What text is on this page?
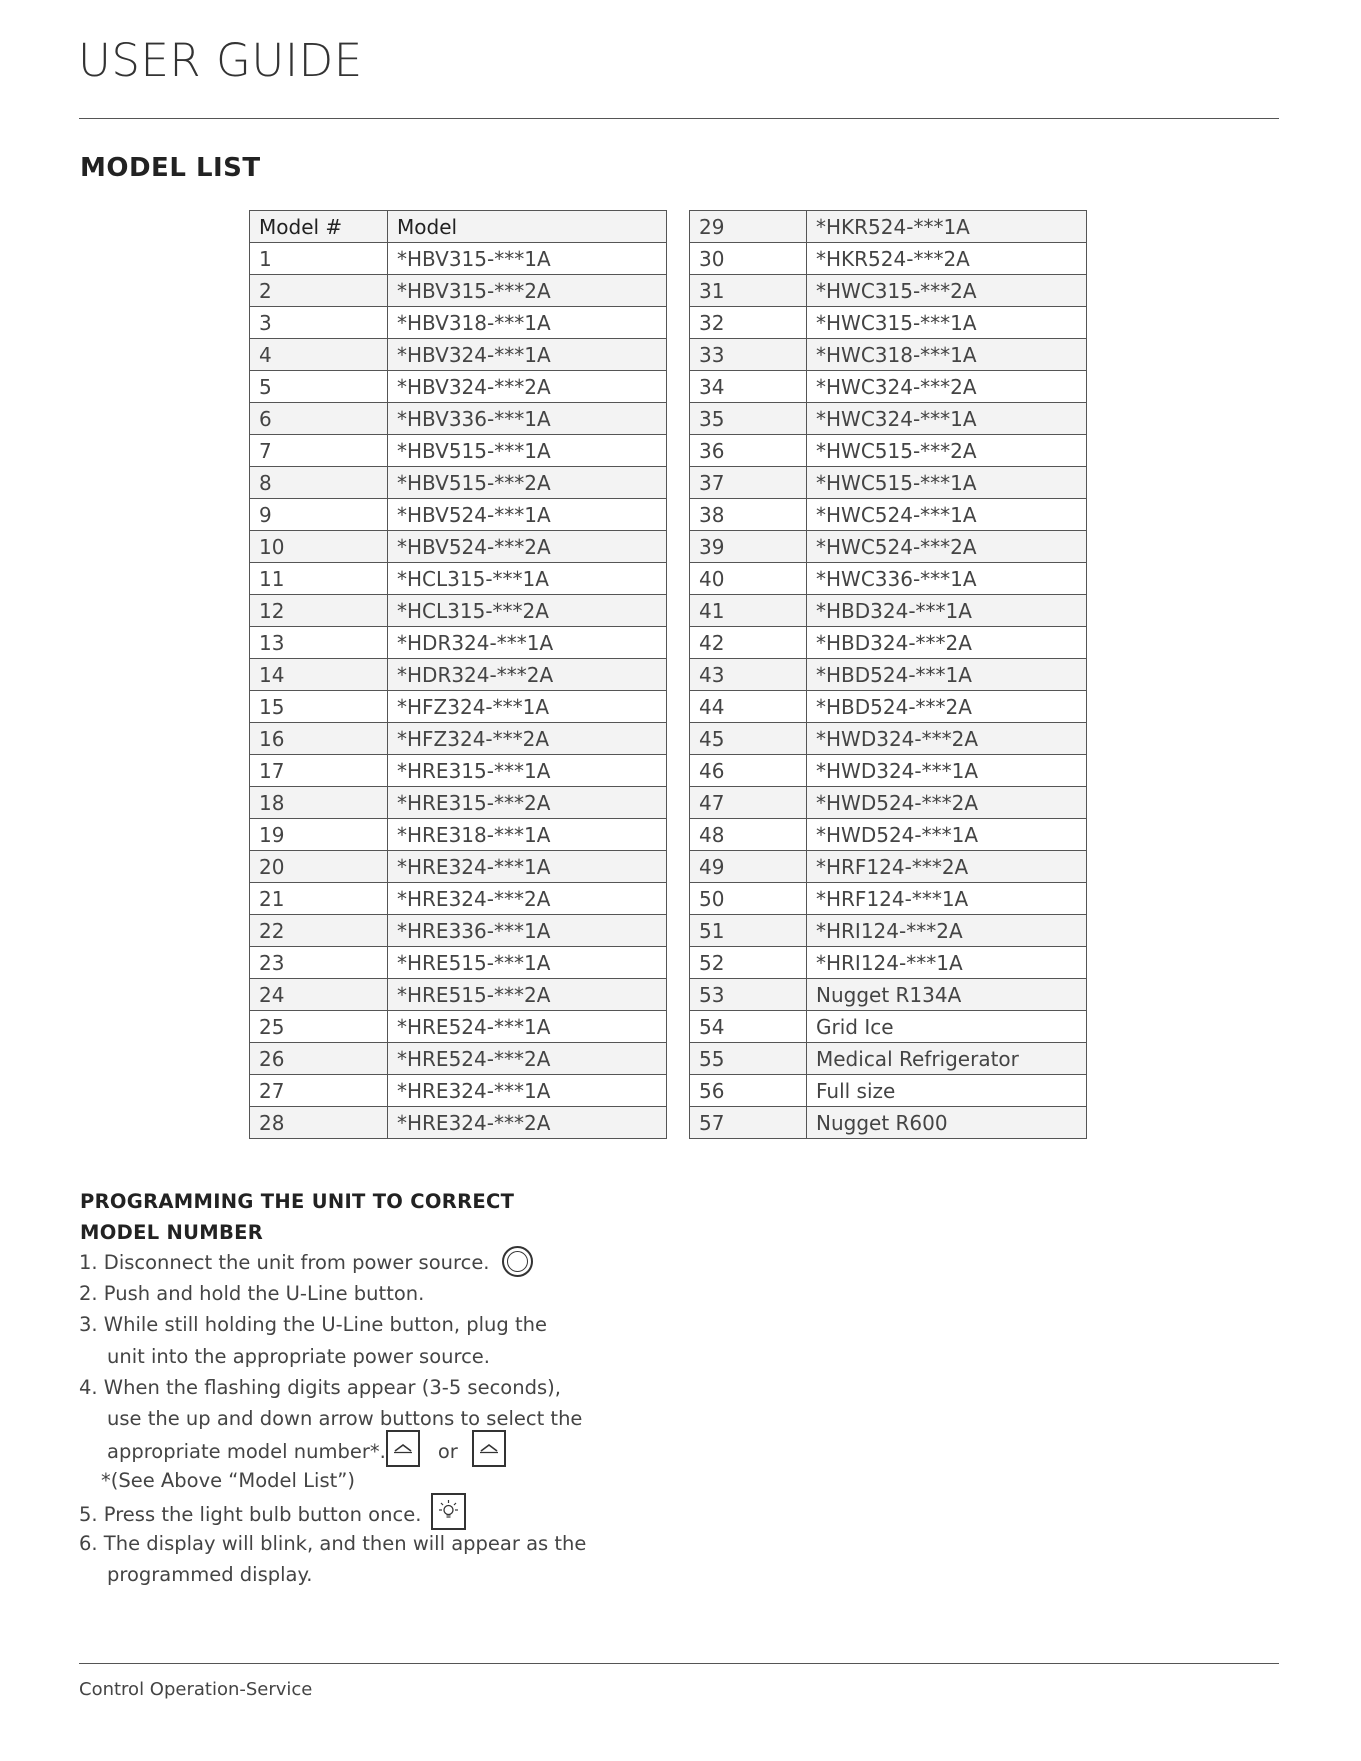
USER GUIDE
MODEL LIST
Model #	Model
1	*HBV315-***1A
2	*HBV315-***2A
3	*HBV318-***1A
4	*HBV324-***1A
5	*HBV324-***2A
6	*HBV336-***1A
7	*HBV515-***1A
8	*HBV515-***2A
9	*HBV524-***1A
10	*HBV524-***2A
11	*HCL315-***1A
12	*HCL315-***2A
13	*HDR324-***1A
14	*HDR324-***2A
15	*HFZ324-***1A
16	*HFZ324-***2A
17	*HRE315-***1A
18	*HRE315-***2A
19	*HRE318-***1A
20	*HRE324-***1A
21	*HRE324-***2A
22	*HRE336-***1A
23	*HRE515-***1A
24	*HRE515-***2A
25	*HRE524-***1A
26	*HRE524-***2A
27	*HRE324-***1A
28	*HRE324-***2A
29	*HKR524-***1A
30	*HKR524-***2A
31	*HWC315-***2A
32	*HWC315-***1A
33	*HWC318-***1A
34	*HWC324-***2A
35	*HWC324-***1A
36	*HWC515-***2A
37	*HWC515-***1A
38	*HWC524-***1A
39	*HWC524-***2A
40	*HWC336-***1A
41	*HBD324-***1A
42	*HBD324-***2A
43	*HBD524-***1A
44	*HBD524-***2A
45	*HWD324-***2A
46	*HWD324-***1A
47	*HWD524-***2A
48	*HWD524-***1A
49	*HRF124-***2A
50	*HRF124-***1A
51	*HRI124-***2A
52	*HRI124-***1A
53	Nugget R134A
54	Grid Ice
55	Medical Refrigerator
56	Full size
57	Nugget R600
PROGRAMMING THE UNIT TO CORRECT
MODEL NUMBER
1. Disconnect the unit from power source.
2. Push and hold the U-Line button.
3. While still holding the U-Line button, plug the
unit into the appropriate power source.
4. When the flashing digits appear (3-5 seconds),
use the up and down arrow buttons to select the
appropriate model number*.	or
*(See Above “Model List”)
5. Press the light bulb button once.
6. The display will blink, and then will appear as the
programmed display.
Control Operation-Service
